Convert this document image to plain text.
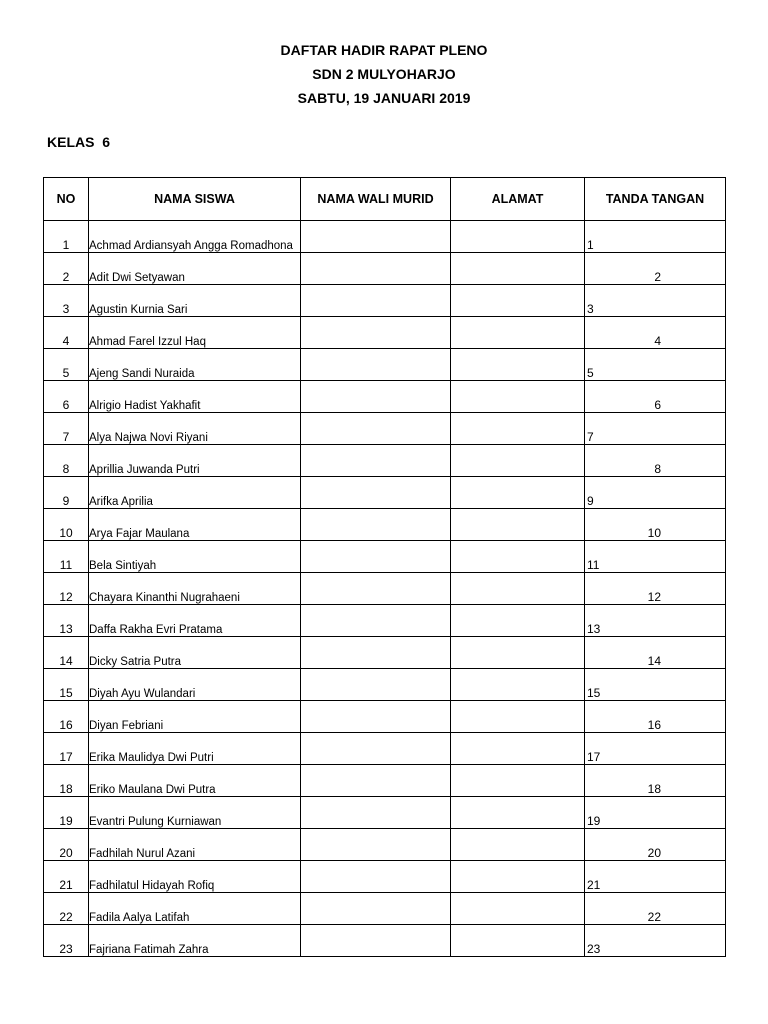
DAFTAR HADIR RAPAT PLENO
SDN 2 MULYOHARJO
SABTU, 19 JANUARI 2019
KELAS  6
NO	NAMA SISWA	NAMA WALI MURID	ALAMAT	TANDA TANGAN
1	Achmad Ardiansyah Angga Romadhona			1
2	Adit Dwi Setyawan			2
3	Agustin Kurnia Sari			3
4	Ahmad Farel Izzul Haq			4
5	Ajeng Sandi Nuraida			5
6	Alrigio Hadist Yakhafit			6
7	Alya Najwa Novi Riyani			7
8	Aprillia Juwanda Putri			8
9	Arifka Aprilia			9
10	Arya Fajar Maulana			10
11	Bela Sintiyah			11
12	Chayara Kinanthi Nugrahaeni			12
13	Daffa Rakha Evri Pratama			13
14	Dicky Satria Putra			14
15	Diyah Ayu Wulandari			15
16	Diyan Febriani			16
17	Erika Maulidya Dwi Putri			17
18	Eriko Maulana Dwi Putra			18
19	Evantri Pulung Kurniawan			19
20	Fadhilah Nurul Azani			20
21	Fadhilatul Hidayah Rofiq			21
22	Fadila Aalya Latifah			22
23	Fajriana Fatimah Zahra			23
